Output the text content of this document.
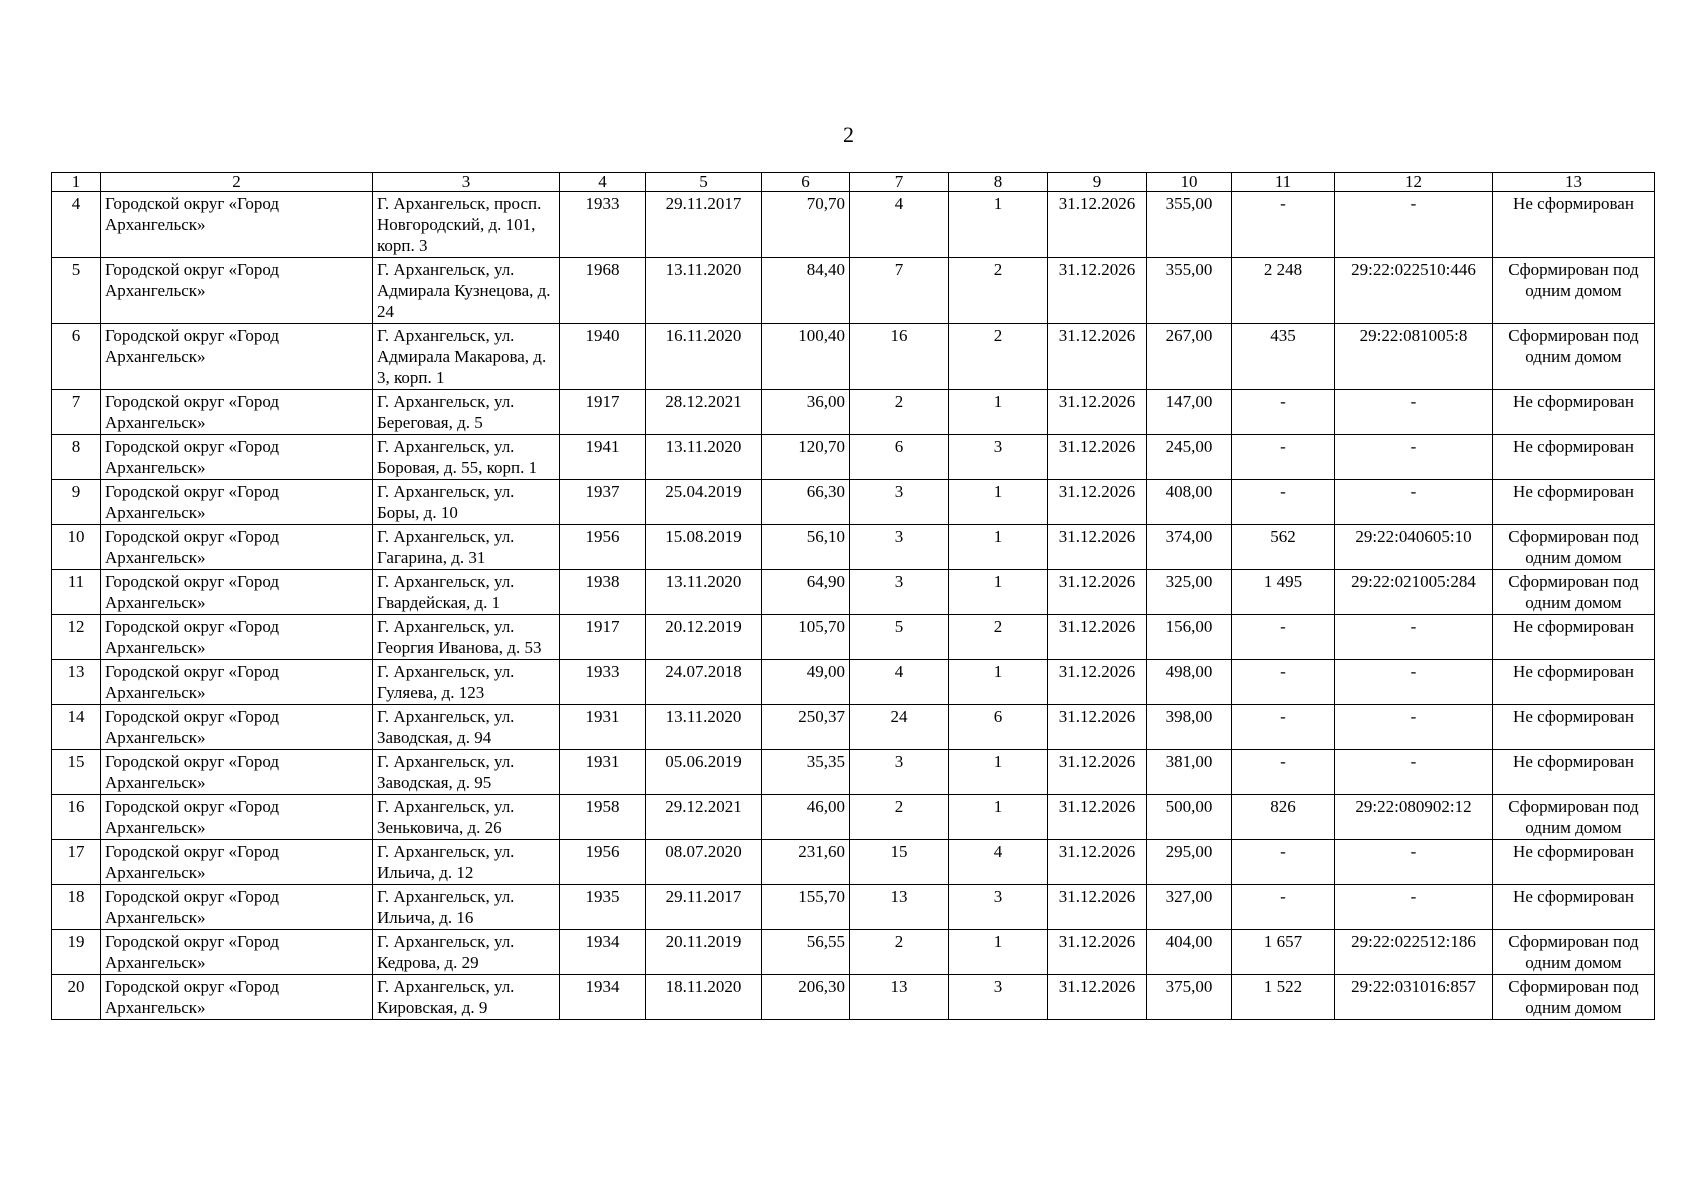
2
1	2	3	4	5	6	7	8	9	10	11	12	13
4	Городской округ «Город Архангельск»	Г. Архангельск, просп. Новгородский, д. 101, корп. 3	1933	29.11.2017	70,70	4	1	31.12.2026	355,00	-	-	Не сформирован
5	Городской округ «Город Архангельск»	Г. Архангельск, ул. Адмирала Кузнецова, д. 24	1968	13.11.2020	84,40	7	2	31.12.2026	355,00	2 248	29:22:022510:446	Сформирован под одним домом
6	Городской округ «Город Архангельск»	Г. Архангельск, ул. Адмирала Макарова, д. 3, корп. 1	1940	16.11.2020	100,40	16	2	31.12.2026	267,00	435	29:22:081005:8	Сформирован под одним домом
7	Городской округ «Город Архангельск»	Г. Архангельск, ул. Береговая, д. 5	1917	28.12.2021	36,00	2	1	31.12.2026	147,00	-	-	Не сформирован
8	Городской округ «Город Архангельск»	Г. Архангельск, ул. Боровая, д. 55, корп. 1	1941	13.11.2020	120,70	6	3	31.12.2026	245,00	-	-	Не сформирован
9	Городской округ «Город Архангельск»	Г. Архангельск, ул. Боры, д. 10	1937	25.04.2019	66,30	3	1	31.12.2026	408,00	-	-	Не сформирован
10	Городской округ «Город Архангельск»	Г. Архангельск, ул. Гагарина, д. 31	1956	15.08.2019	56,10	3	1	31.12.2026	374,00	562	29:22:040605:10	Сформирован под одним домом
11	Городской округ «Город Архангельск»	Г. Архангельск, ул. Гвардейская, д. 1	1938	13.11.2020	64,90	3	1	31.12.2026	325,00	1 495	29:22:021005:284	Сформирован под одним домом
12	Городской округ «Город Архангельск»	Г. Архангельск, ул. Георгия Иванова, д. 53	1917	20.12.2019	105,70	5	2	31.12.2026	156,00	-	-	Не сформирован
13	Городской округ «Город Архангельск»	Г. Архангельск, ул. Гуляева, д. 123	1933	24.07.2018	49,00	4	1	31.12.2026	498,00	-	-	Не сформирован
14	Городской округ «Город Архангельск»	Г. Архангельск, ул. Заводская, д. 94	1931	13.11.2020	250,37	24	6	31.12.2026	398,00	-	-	Не сформирован
15	Городской округ «Город Архангельск»	Г. Архангельск, ул. Заводская, д. 95	1931	05.06.2019	35,35	3	1	31.12.2026	381,00	-	-	Не сформирован
16	Городской округ «Город Архангельск»	Г. Архангельск, ул. Зеньковича, д. 26	1958	29.12.2021	46,00	2	1	31.12.2026	500,00	826	29:22:080902:12	Сформирован под одним домом
17	Городской округ «Город Архангельск»	Г. Архангельск, ул. Ильича, д. 12	1956	08.07.2020	231,60	15	4	31.12.2026	295,00	-	-	Не сформирован
18	Городской округ «Город Архангельск»	Г. Архангельск, ул. Ильича, д. 16	1935	29.11.2017	155,70	13	3	31.12.2026	327,00	-	-	Не сформирован
19	Городской округ «Город Архангельск»	Г. Архангельск, ул. Кедрова, д. 29	1934	20.11.2019	56,55	2	1	31.12.2026	404,00	1 657	29:22:022512:186	Сформирован под одним домом
20	Городской округ «Город Архангельск»	Г. Архангельск, ул. Кировская, д. 9	1934	18.11.2020	206,30	13	3	31.12.2026	375,00	1 522	29:22:031016:857	Сформирован под одним домом
